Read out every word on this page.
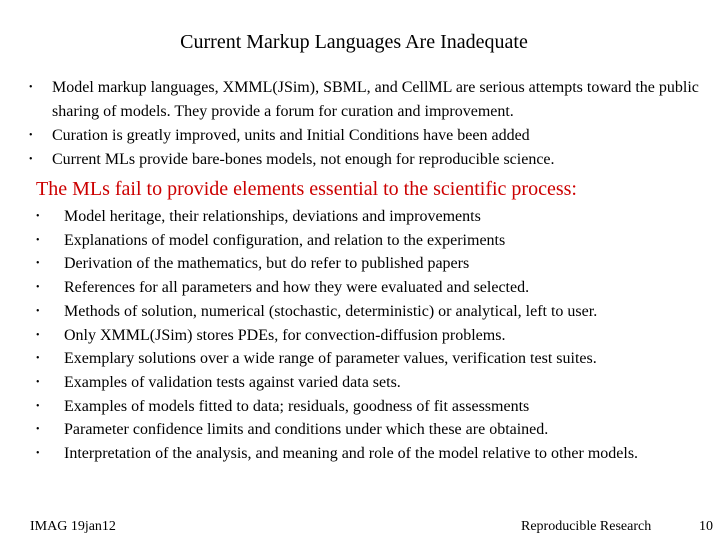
Current Markup Languages Are Inadequate
• Model markup languages, XMML(JSim), SBML, and CellML are serious attempts toward the public sharing of models. They provide a forum for curation and improvement.
• Curation is greatly improved, units and Initial Conditions have been added
• Current MLs provide bare-bones models, not enough for reproducible science.
The MLs fail to provide elements essential to the scientific process:
• Model heritage, their relationships, deviations and improvements
• Explanations of model configuration, and relation to the experiments
• Derivation of the mathematics, but do refer to published papers
• References for all parameters and how they were evaluated and selected.
• Methods of solution, numerical (stochastic, deterministic) or analytical, left to user.
• Only XMML(JSim) stores PDEs, for convection-diffusion problems.
• Exemplary solutions over a wide range of parameter values, verification test suites.
• Examples of validation tests against varied data sets.
• Examples of models fitted to data; residuals, goodness of fit assessments
• Parameter confidence limits and conditions under which these are obtained.
• Interpretation of the analysis, and meaning and role of the model relative to other models.
IMAG 19jan12	Reproducible Research	10
